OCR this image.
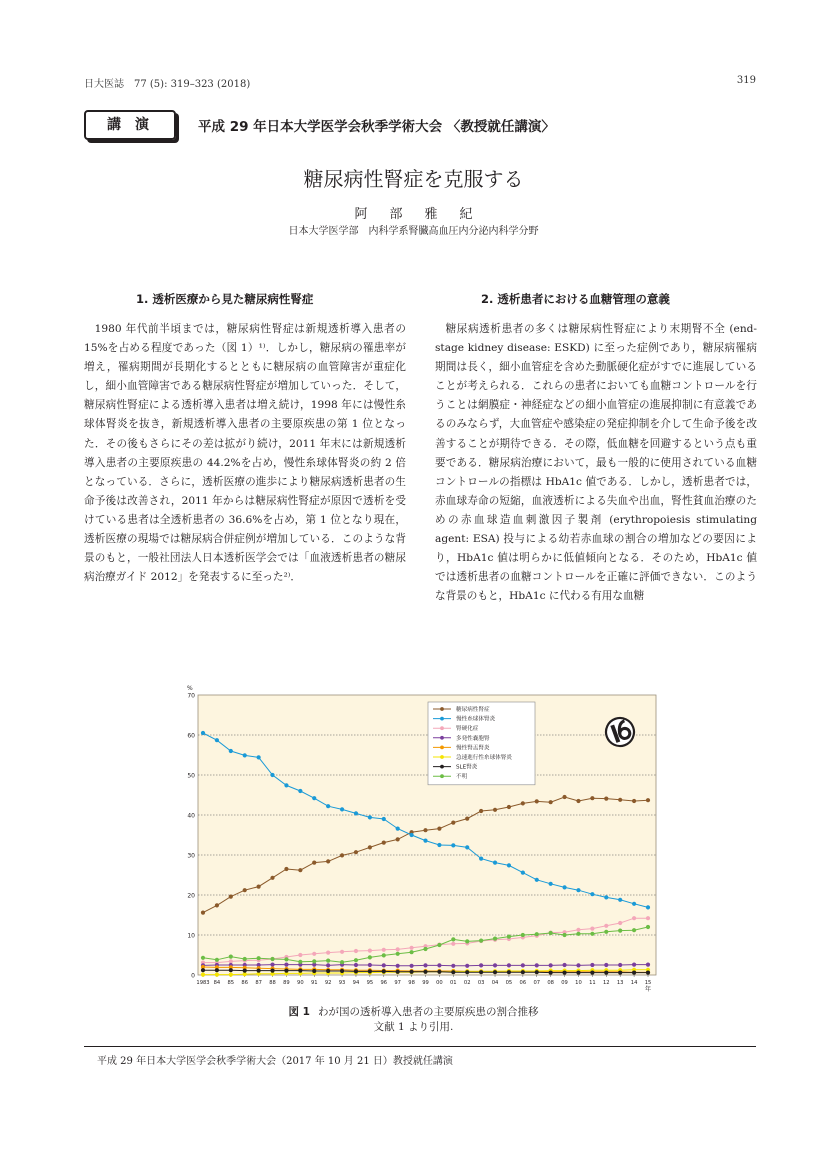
日大医誌　77 (5): 319–323 (2018)	319
講演	平成 29 年日本大学医学会秋季学術大会 〈教授就任講演〉
糖尿病性腎症を克服する
阿部雅紀
日本大学医学部　内科学系腎臓高血圧内分泌内科学分野
1. 透析医療から見た糖尿病性腎症	2. 透析患者における血糖管理の意義

1980 年代前半頃までは，糖尿病性腎症は新規透析導入患者の 15%を占める程度であった（図 1）¹⁾．しかし，糖尿病の罹患率が増え，罹病期間が長期化するとともに糖尿病の血管障害が重症化し，細小血管障害である糖尿病性腎症が増加していった．そして，糖尿病性腎症による透析導入患者は増え続け，1998 年には慢性糸球体腎炎を抜き，新規透析導入患者の主要原疾患の第 1 位となった．その後もさらにその差は拡がり続け，2011 年末には新規透析導入患者の主要原疾患の 44.2%を占め，慢性糸球体腎炎の約 2 倍となっている．さらに，透析医療の進歩により糖尿病透析患者の生命予後は改善され，2011 年からは糖尿病性腎症が原因で透析を受けている患者は全透析患者の 36.6%を占め，第 1 位となり現在，透析医療の現場では糖尿病合併症例が増加している．このような背景のもと，一般社団法人日本透析医学会では「血液透析患者の糖尿病治療ガイド 2012」を発表するに至った²⁾．

糖尿病透析患者の多くは糖尿病性腎症により末期腎不全 (end-stage kidney disease: ESKD) に至った症例であり，糖尿病罹病期間は長く，細小血管症を含めた動脈硬化症がすでに進展していることが考えられる．これらの患者においても血糖コントロールを行うことは網膜症・神経症などの細小血管症の進展抑制に有意義であるのみならず，大血管症や感染症の発症抑制を介して生命予後を改善することが期待できる．その際，低血糖を回避するという点も重要である．糖尿病治療において，最も一般的に使用されている血糖コントロールの指標は HbA1c 値である．しかし，透析患者では，赤血球寿命の短縮，血液透析による失血や出血，腎性貧血治療のための赤血球造血刺激因子製剤 (erythropoiesis stimulating agent: ESA) 投与による幼若赤血球の割合の増加などの要因により，HbA1c 値は明らかに低値傾向となる．そのため，HbA1c 値では透析患者の血糖コントロールを正確に評価できない．このような背景のもと，HbA1c に代わる有用な血糖

0
10
20
30
40
50
60
70
%
1983 84 85 86 87 88 89 90 91 92 93 94 95 96 97 98 99 00 01 02 03 04 05 06 07 08 09 10 11 12 13 14 15
年
糖尿病性腎症
慢性糸球体腎炎
腎硬化症
多発性嚢胞腎
慢性腎盂腎炎
急速進行性糸球体腎炎
SLE腎炎
不明
図 1 わが国の透析導入患者の主要原疾患の割合推移
文献 1 より引用.
平成 29 年日本大学医学会秋季学術大会（2017 年 10 月 21 日）教授就任講演
